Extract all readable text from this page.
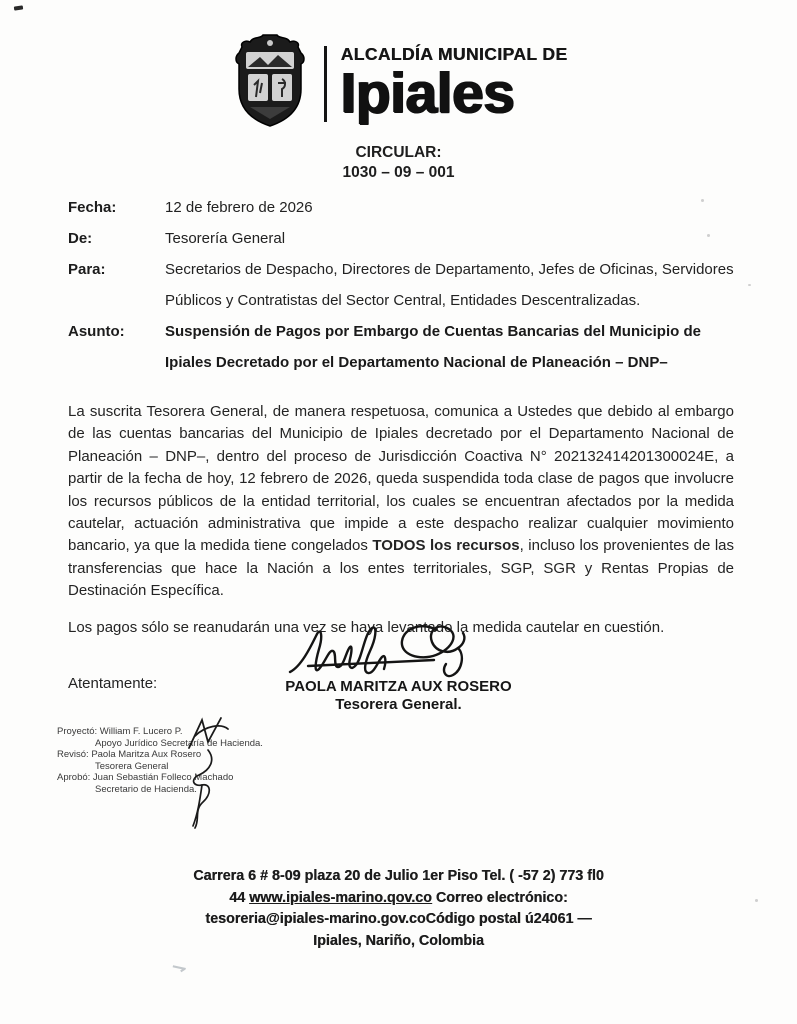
ALCALDÍA MUNICIPAL DE
Ipiales
CIRCULAR:
1030 – 09 – 001
Fecha:	12 de febrero de 2026
De:	Tesorería General
Para:	Secretarios de Despacho, Directores de Departamento, Jefes de Oficinas, Servidores Públicos y Contratistas del Sector Central, Entidades Descentralizadas.
Asunto:	Suspensión de Pagos por Embargo de Cuentas Bancarias del Municipio de Ipiales Decretado por el Departamento Nacional de Planeación – DNP–

La suscrita Tesorera General, de manera respetuosa, comunica a Ustedes que debido al embargo de las cuentas bancarias del Municipio de Ipiales decretado por el Departamento Nacional de Planeación – DNP–, dentro del proceso de Jurisdicción Coactiva N° 202132414201300024E, a partir de la fecha de hoy, 12 febrero de 2026, queda suspendida toda clase de pagos que involucre los recursos públicos de la entidad territorial, los cuales se encuentran afectados por la medida cautelar, actuación administrativa que impide a este despacho realizar cualquier movimiento bancario, ya que la medida tiene congelados TODOS los recursos, incluso los provenientes de las transferencias que hace la Nación a los entes territoriales, SGP, SGR y Rentas Propias de Destinación Específica.

Los pagos sólo se reanudarán una vez se haya levantado la medida cautelar en cuestión.

Atentamente:	PAOLA MARITZA AUX ROSERO
Tesorera General.
Proyectó: William F. Lucero P.
Apoyo Jurídico Secretaría de Hacienda.
Revisó: Paola Maritza Aux Rosero
Tesorera General
Aprobó: Juan Sebastián Folleco Machado
Secretario de Hacienda.
Carrera 6 # 8-09 plaza 20 de Julio 1er Piso Tel. ( -57 2) 773 fl0
44 www.ipiales-marino.qov.co Correo electrónico:
tesoreria@ipiales-marino.gov.coCódigo postal ú24061 —
Ipiales, Nariño, Colombia
⇁
